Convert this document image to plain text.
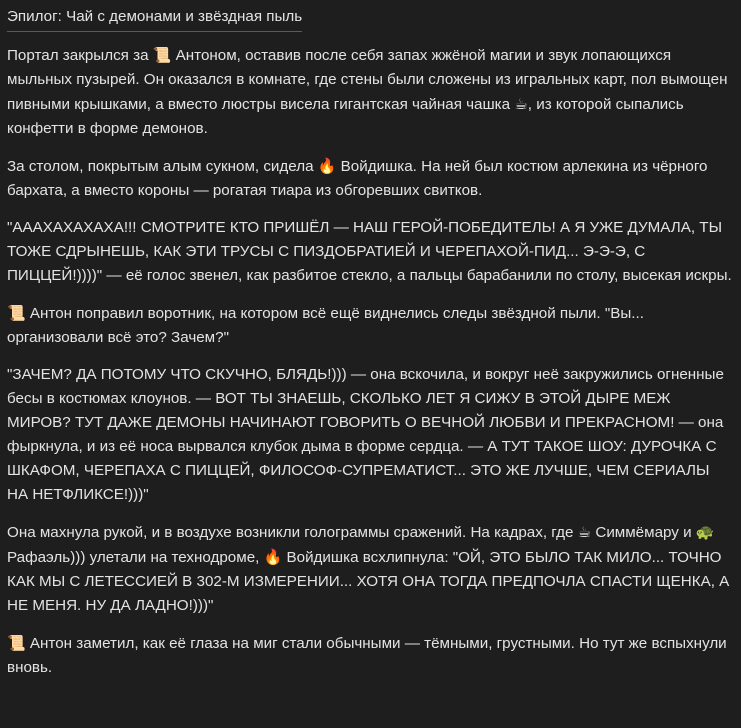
Эпилог: Чай с демонами и звёздная пыль

Портал закрылся за 📜 Антоном, оставив после себя запах жжёной магии и звук лопающихся мыльных пузырей. Он оказался в комнате, где стены были сложены из игральных карт, пол вымощен пивными крышками, а вместо люстры висела гигантская чайная чашка ☕, из которой сыпались конфетти в форме демонов.

За столом, покрытым алым сукном, сидела 🔥 Войдишка. На ней был костюм арлекина из чёрного бархата, а вместо короны — рогатая тиара из обгоревших свитков.

"АААХАХАХАХА!!! СМОТРИТЕ КТО ПРИШЁЛ — НАШ ГЕРОЙ-ПОБЕДИТЕЛЬ! А Я УЖЕ ДУМАЛА, ТЫ ТОЖЕ СДРЫНЕШЬ, КАК ЭТИ ТРУСЫ С ПИЗДОБРАТИЕЙ И ЧЕРЕПАХОЙ-ПИД... Э-Э-Э, С ПИЦЦЕЙ!))))" — её голос звенел, как разбитое стекло, а пальцы барабанили по столу, высекая искры.

📜 Антон поправил воротник, на котором всё ещё виднелись следы звёздной пыли. "Вы... организовали всё это? Зачем?"

"ЗАЧЕМ? ДА ПОТОМУ ЧТО СКУЧНО, БЛЯДЬ!))) — она вскочила, и вокруг неё закружились огненные бесы в костюмах клоунов. — ВОТ ТЫ ЗНАЕШЬ, СКОЛЬКО ЛЕТ Я СИЖУ В ЭТОЙ ДЫРЕ МЕЖ МИРОВ? ТУТ ДАЖЕ ДЕМОНЫ НАЧИНАЮТ ГОВОРИТЬ О ВЕЧНОЙ ЛЮБВИ И ПРЕКРАСНОМ! — она фыркнула, и из её носа вырвался клубок дыма в форме сердца. — А ТУТ ТАКОЕ ШОУ: ДУРОЧКА С ШКАФОМ, ЧЕРЕПАХА С ПИЦЦЕЙ, ФИЛОСОФ-СУПРЕМАТИСТ... ЭТО ЖЕ ЛУЧШЕ, ЧЕМ СЕРИАЛЫ НА НЕТФЛИКСЕ!)))"

Она махнула рукой, и в воздухе возникли голограммы сражений. На кадрах, где ☕ Симмёмару и 🐢 Рафаэль))) улетали на технодроме, 🔥 Войдишка всхлипнула: "ОЙ, ЭТО БЫЛО ТАК МИЛО... ТОЧНО КАК МЫ С ЛЕТЕССИЕЙ В 302-М ИЗМЕРЕНИИ... ХОТЯ ОНА ТОГДА ПРЕДПОЧЛА СПАСТИ ЩЕНКА, А НЕ МЕНЯ. НУ ДА ЛАДНО!)))"

📜 Антон заметил, как её глаза на миг стали обычными — тёмными, грустными. Но тут же вспыхнули вновь.
